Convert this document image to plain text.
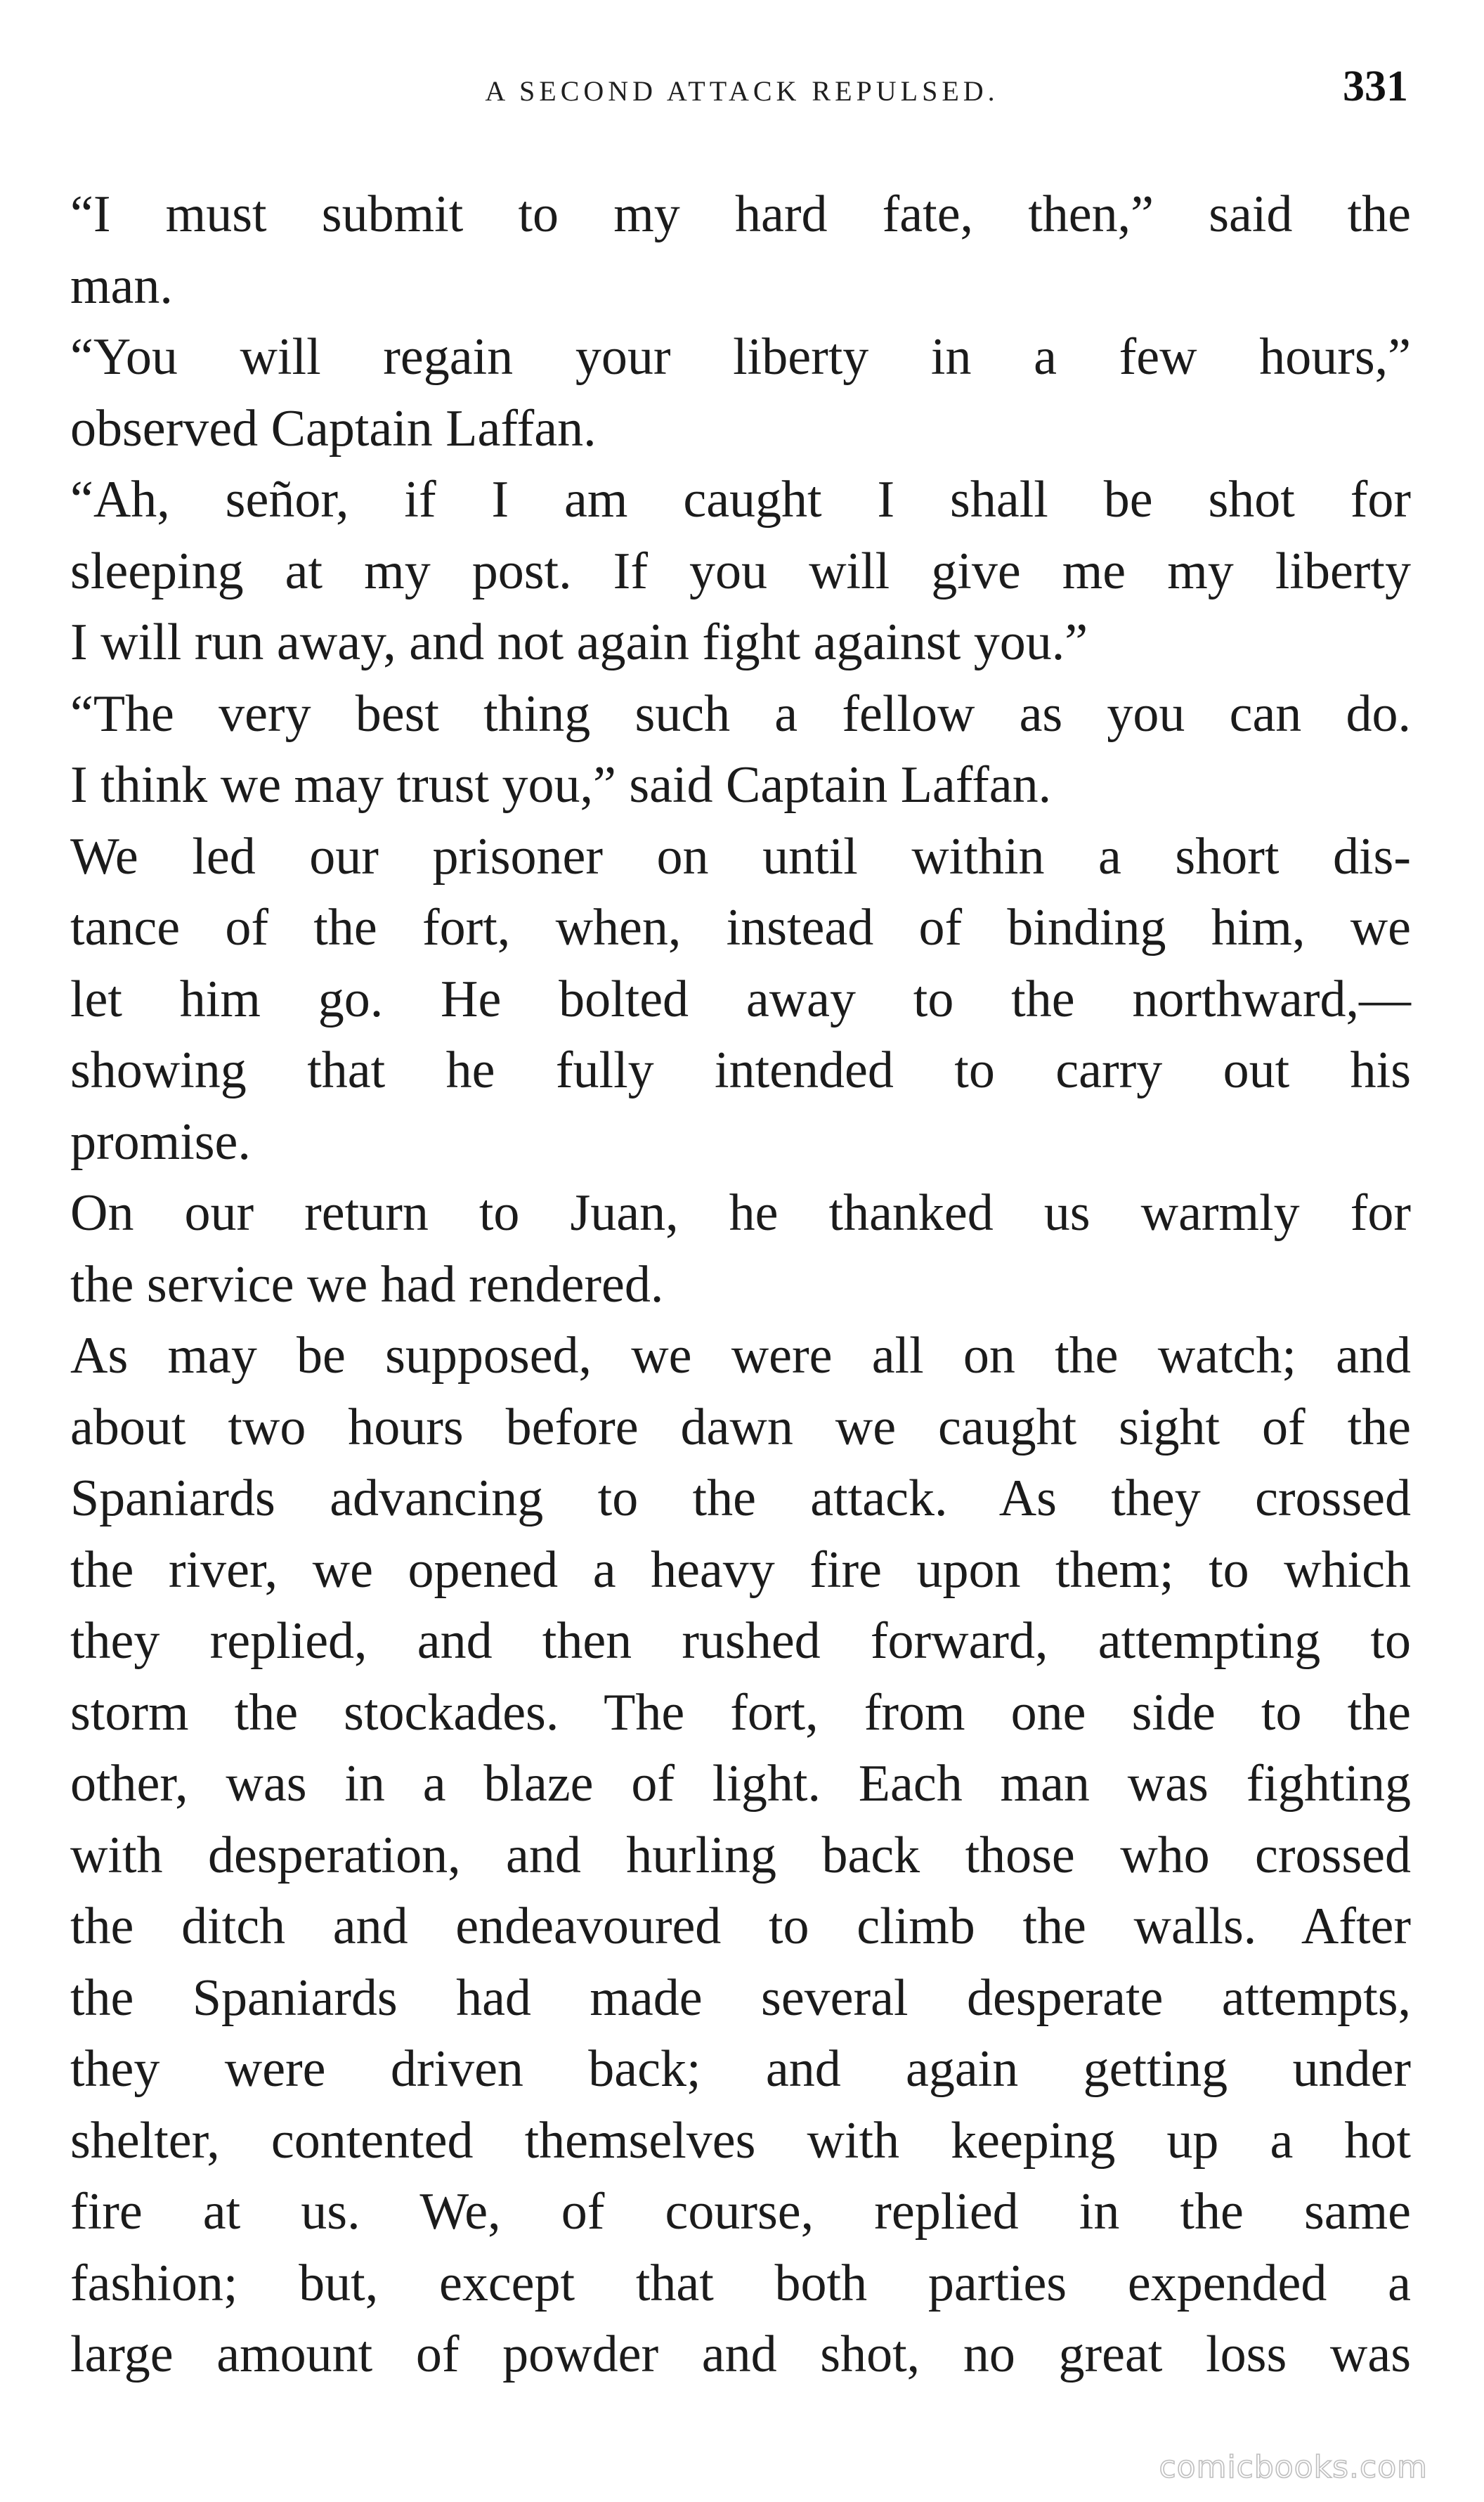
A SECOND ATTACK REPULSED.	331

“I must submit to my hard fate, then,” said the
man.

“You will regain your liberty in a few hours,”
observed Captain Laffan.

“Ah, señor, if I am caught I shall be shot for
sleeping at my post. If you will give me my liberty
I will run away, and not again fight against you.”

“The very best thing such a fellow as you can do.
I think we may trust you,” said Captain Laffan.

We led our prisoner on until within a short dis-
tance of the fort, when, instead of binding him, we
let him go. He bolted away to the northward,—
showing that he fully intended to carry out his
promise.

On our return to Juan, he thanked us warmly for
the service we had rendered.

As may be supposed, we were all on the watch; and
about two hours before dawn we caught sight of the
Spaniards advancing to the attack. As they crossed
the river, we opened a heavy fire upon them; to which
they replied, and then rushed forward, attempting to
storm the stockades. The fort, from one side to the
other, was in a blaze of light. Each man was fighting
with desperation, and hurling back those who crossed
the ditch and endeavoured to climb the walls. After
the Spaniards had made several desperate attempts,
they were driven back; and again getting under
shelter, contented themselves with keeping up a hot
fire at us. We, of course, replied in the same
fashion; but, except that both parties expended a
large amount of powder and shot, no great loss was

comicbooks.com
